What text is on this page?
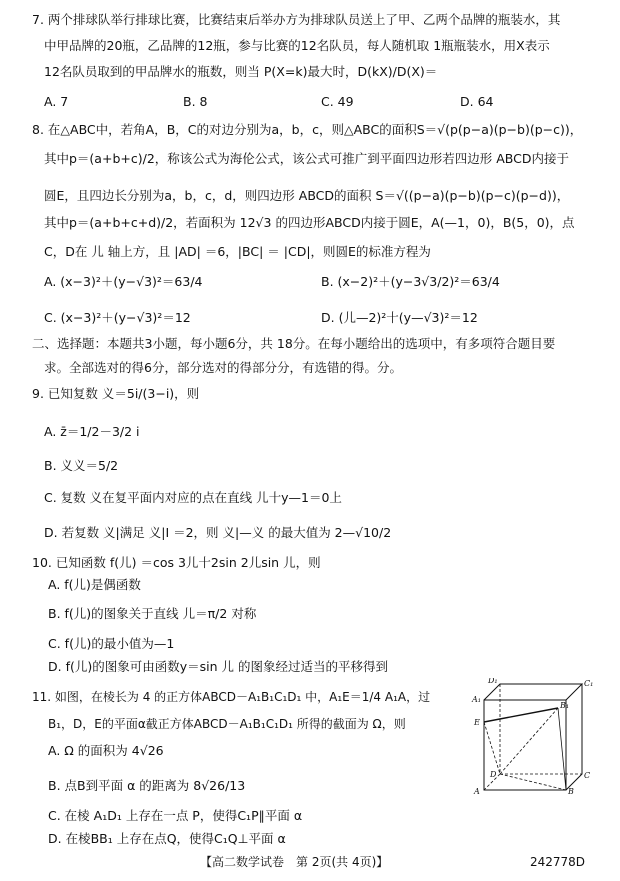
7. 两个排球队举行排球比赛，比赛结束后举办方为排球队员送上了甲、乙两个品牌的瓶装水，其
中甲品牌的20瓶，乙品牌的12瓶，参与比赛的12名队员，每人随机取 1瓶瓶装水，用X表示
12名队员取到的甲品牌水的瓶数，则当 P(X=k)最大时，D(kX)/D(X)＝
A. 7	B. 8	C. 49	D. 64
8. 在△ABC中，若角A，B，C的对边分别为a，b，c，则△ABC的面积S＝√(p(p−a)(p−b)(p−c))，
其中p＝(a+b+c)/2，称该公式为海伦公式，该公式可推广到平面四边形若四边形 ABCD内接于
圆E，且四边长分别为a，b，c，d，则四边形 ABCD的面积 S＝√((p−a)(p−b)(p−c)(p−d))，
其中p＝(a+b+c+d)/2，若面积为 12√3 的四边形ABCD内接于圆E，A(—1，0)，B(5，0)，点
C，D在 儿 轴上方，且 |AD| ＝6，|BC| ＝ |CD|，则圆E的标准方程为
A. (x−3)²＋(y−√3)²＝63/4	B. (x−2)²＋(y−3√3/2)²＝63/4
C. (x−3)²＋(y−√3)²＝12	D. (儿—2)²十(y—√3)²＝12
二、选择题：本题共3小题，每小题6分，共 18分。在每小题给出的选项中，有多项符合题目要
求。全部选对的得6分，部分选对的得部分分，有选错的得。分。
9. 已知复数 义＝5i/(3−i)，则
A. z̄＝1/2－3/2 i
B. 义义＝5/2
C. 复数 义在复平面内对应的点在直线 儿十y—1＝0上
D. 若复数 义|满足 义|I ＝2，则 义|—义 的最大值为 2—√10/2
10. 已知函数 f(儿) ＝cos 3儿十2sin 2儿sin 儿，则
A. f(儿)是偶函数
B. f(儿)的图象关于直线 儿＝π/2 对称
C. f(儿)的最小值为—1
D. f(儿)的图象可由函数y＝sin 儿 的图象经过适当的平移得到
11. 如图，在棱长为 4 的正方体ABCD－A₁B₁C₁D₁ 中，A₁E＝1/4 A₁A，过
B₁，D，E的平面α截正方体ABCD－A₁B₁C₁D₁ 所得的截面为 Ω，则
A. Ω 的面积为 4√26
B. 点B到平面 α 的距离为 8√26/13
C. 在棱 A₁D₁ 上存在一点 P，使得C₁P∥平面 α
D. 在棱BB₁ 上存在点Q，使得C₁Q⊥平面 α
D₁	C₁
A₁
B₁
E
D	C
A	B
【高二数学试卷　第 2页(共 4页)】	242778D
